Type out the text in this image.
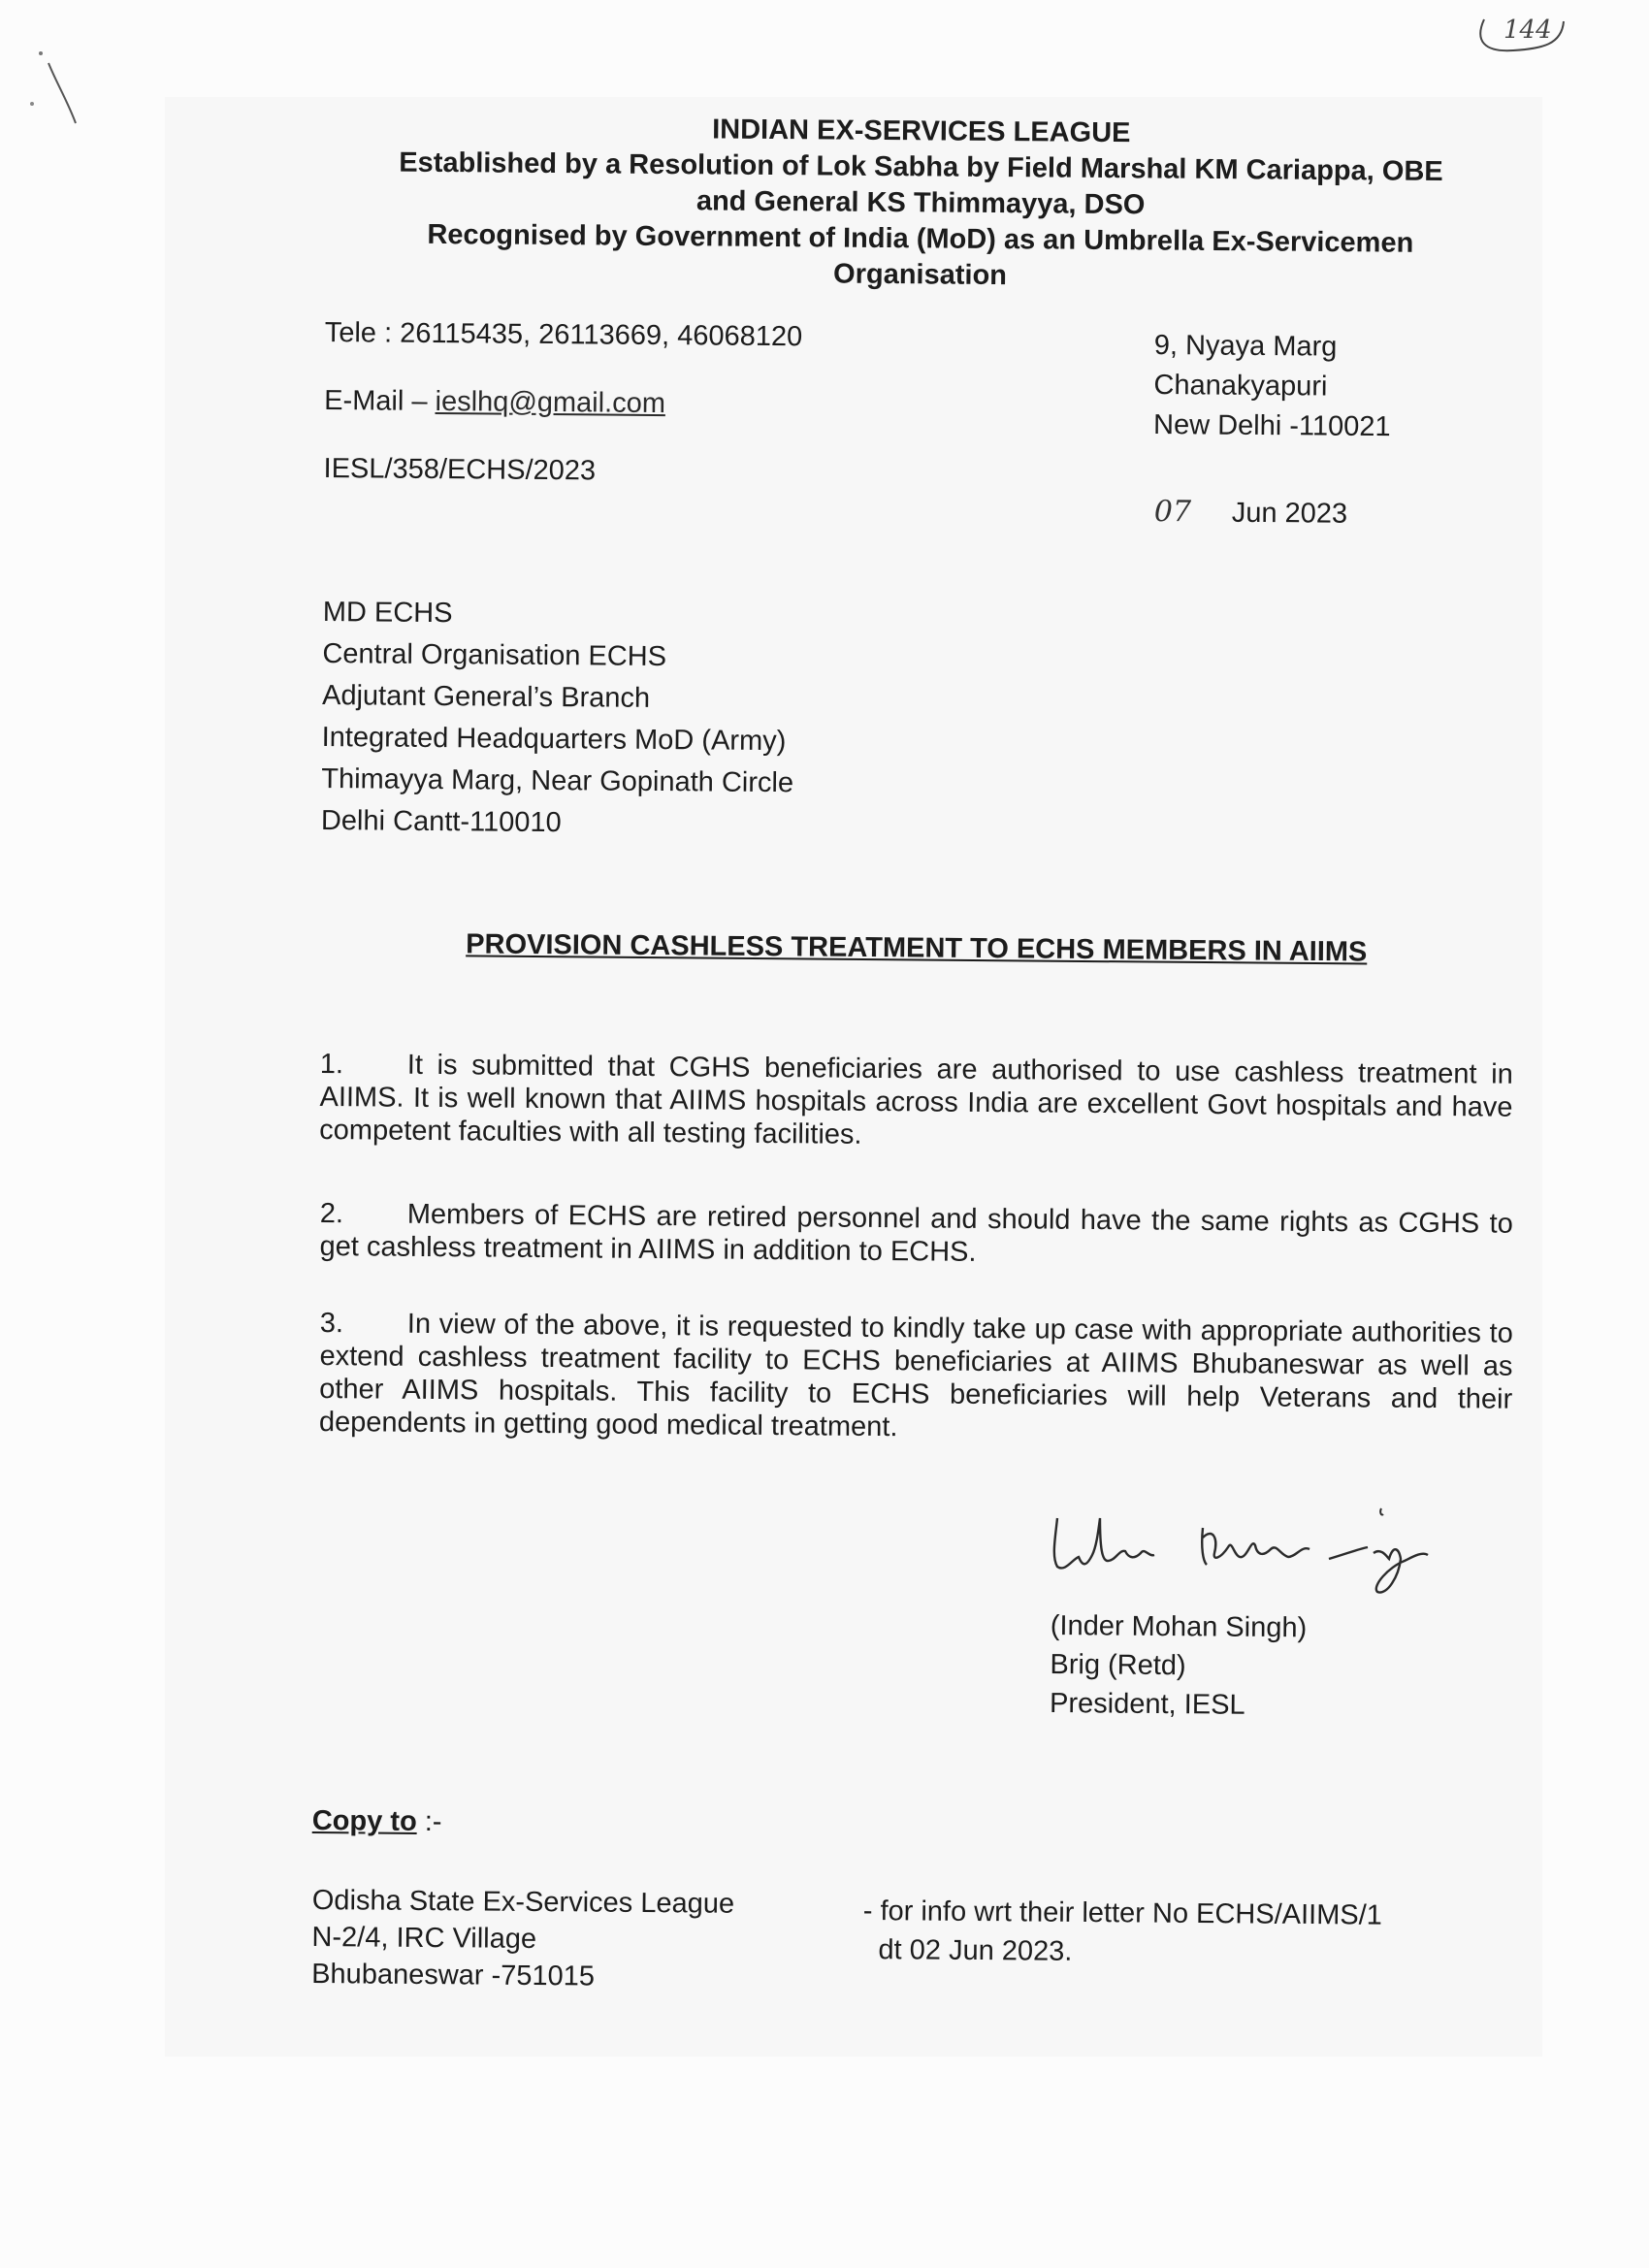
144
INDIAN EX-SERVICES LEAGUE
Established by a Resolution of Lok Sabha by Field Marshal KM Cariappa, OBE
and General KS Thimmayya, DSO
Recognised by Government of India (MoD) as an Umbrella Ex-Servicemen
Organisation
Tele : 26115435, 26113669, 46068120
E-Mail – ieslhq@gmail.com
IESL/358/ECHS/2023
9, Nyaya Marg
Chanakyapuri
New Delhi -110021
07 Jun 2023
MD ECHS
Central Organisation ECHS
Adjutant General’s Branch
Integrated Headquarters MoD (Army)
Thimayya Marg, Near Gopinath Circle
Delhi Cantt-110010
PROVISION CASHLESS TREATMENT TO ECHS MEMBERS IN AIIMS
1. It is submitted that CGHS beneficiaries are authorised to use cashless treatment in AIIMS. It is well known that AIIMS hospitals across India are excellent Govt hospitals and have competent faculties with all testing facilities.
2. Members of ECHS are retired personnel and should have the same rights as CGHS to get cashless treatment in AIIMS in addition to ECHS.
3. In view of the above, it is requested to kindly take up case with appropriate authorities to extend cashless treatment facility to ECHS beneficiaries at AIIMS Bhubaneswar as well as other AIIMS hospitals. This facility to ECHS beneficiaries will help Veterans and their dependents in getting good medical treatment.
(Inder Mohan Singh)
Brig (Retd)
President, IESL
Copy to :-
Odisha State Ex-Services League
N-2/4, IRC Village
Bhubaneswar -751015
- for info wrt their letter No ECHS/AIIMS/1
dt 02 Jun 2023.
